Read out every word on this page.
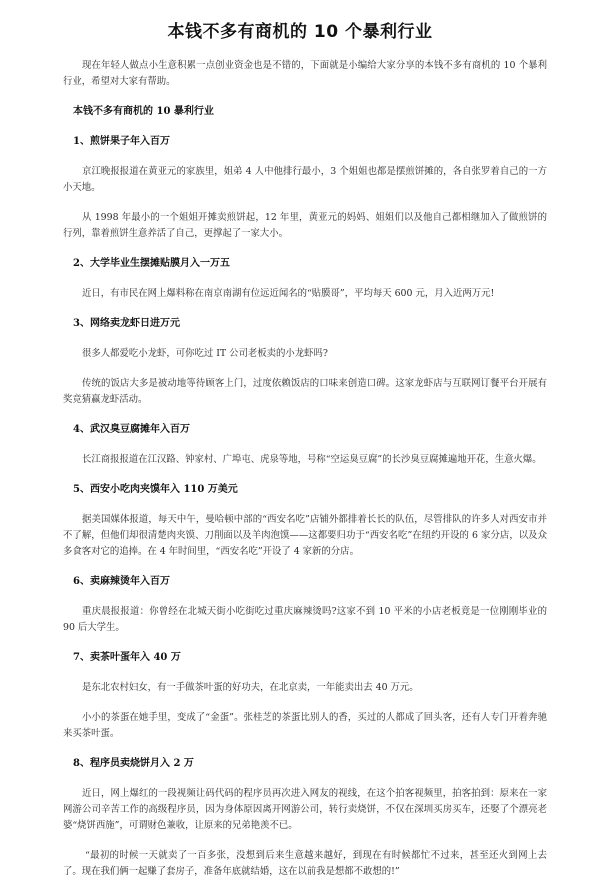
本钱不多有商机的 10 个暴利行业

现在年轻人做点小生意积累一点创业资金也是不错的，下面就是小编给大家分享的本钱不多有商机的 10 个暴利行业，希望对大家有帮助。

本钱不多有商机的 10 暴利行业
1、煎饼果子年入百万

京江晚报报道在黄亚元的家族里，姐弟 4 人中他排行最小，3 个姐姐也都是摆煎饼摊的，各自张罗着自己的一方小天地。

从 1998 年最小的一个姐姐开摊卖煎饼起，12 年里，黄亚元的妈妈、姐姐们以及他自己都相继加入了做煎饼的行列，靠着煎饼生意养活了自己，更撑起了一家大小。

2、大学毕业生摆摊贴膜月入一万五

近日，有市民在网上爆料称在南京南湖有位远近闻名的“贴膜哥”，平均每天 600 元，月入近两万元!

3、网络卖龙虾日进万元

很多人都爱吃小龙虾，可你吃过 IT 公司老板卖的小龙虾吗?

传统的饭店大多是被动地等待顾客上门，过度依赖饭店的口味来创造口碑。这家龙虾店与互联网订餐平台开展有奖竞猜赢龙虾活动。

4、武汉臭豆腐摊年入百万

长江商报报道在江汉路、钟家村、广埠屯、虎泉等地，号称“空运臭豆腐”的长沙臭豆腐摊遍地开花，生意火爆。

5、西安小吃肉夹馍年入 110 万美元

据美国媒体报道，每天中午，曼哈顿中部的“西安名吃”店铺外都排着长长的队伍，尽管排队的许多人对西安市并不了解，但他们却很清楚肉夹馍、刀削面以及羊肉泡馍——这都要归功于“西安名吃”在纽约开设的 6 家分店，以及众多食客对它的追捧。在 4 年时间里，“西安名吃”开设了 4 家新的分店。

6、卖麻辣烫年入百万

重庆晨报报道：你曾经在北城天街小吃街吃过重庆麻辣烫吗?这家不到 10 平米的小店老板竟是一位刚刚毕业的 90 后大学生。

7、卖茶叶蛋年入 40 万

是东北农村妇女，有一手做茶叶蛋的好功夫，在北京卖，一年能卖出去 40 万元。

小小的茶蛋在她手里，变成了“金蛋”。张桂芝的茶蛋比别人的香，买过的人都成了回头客，还有人专门开着奔驰来买茶叶蛋。

8、程序员卖烧饼月入 2 万

近日，网上爆红的一段视频让码代码的程序员再次进入网友的视线，在这个拍客视频里，拍客拍到：原来在一家网游公司辛苦工作的高级程序员，因为身体原因离开网游公司，转行卖烧饼，不仅在深圳买房买车，还娶了个漂亮老婆“烧饼西施”，可谓财色兼收，让原来的兄弟艳羡不已。

“最初的时候一天就卖了一百多张，没想到后来生意越来越好，到现在有时候都忙不过来，甚至还火到网上去了。现在我们俩一起赚了套房子，准备年底就结婚，这在以前我是想都不敢想的!”
